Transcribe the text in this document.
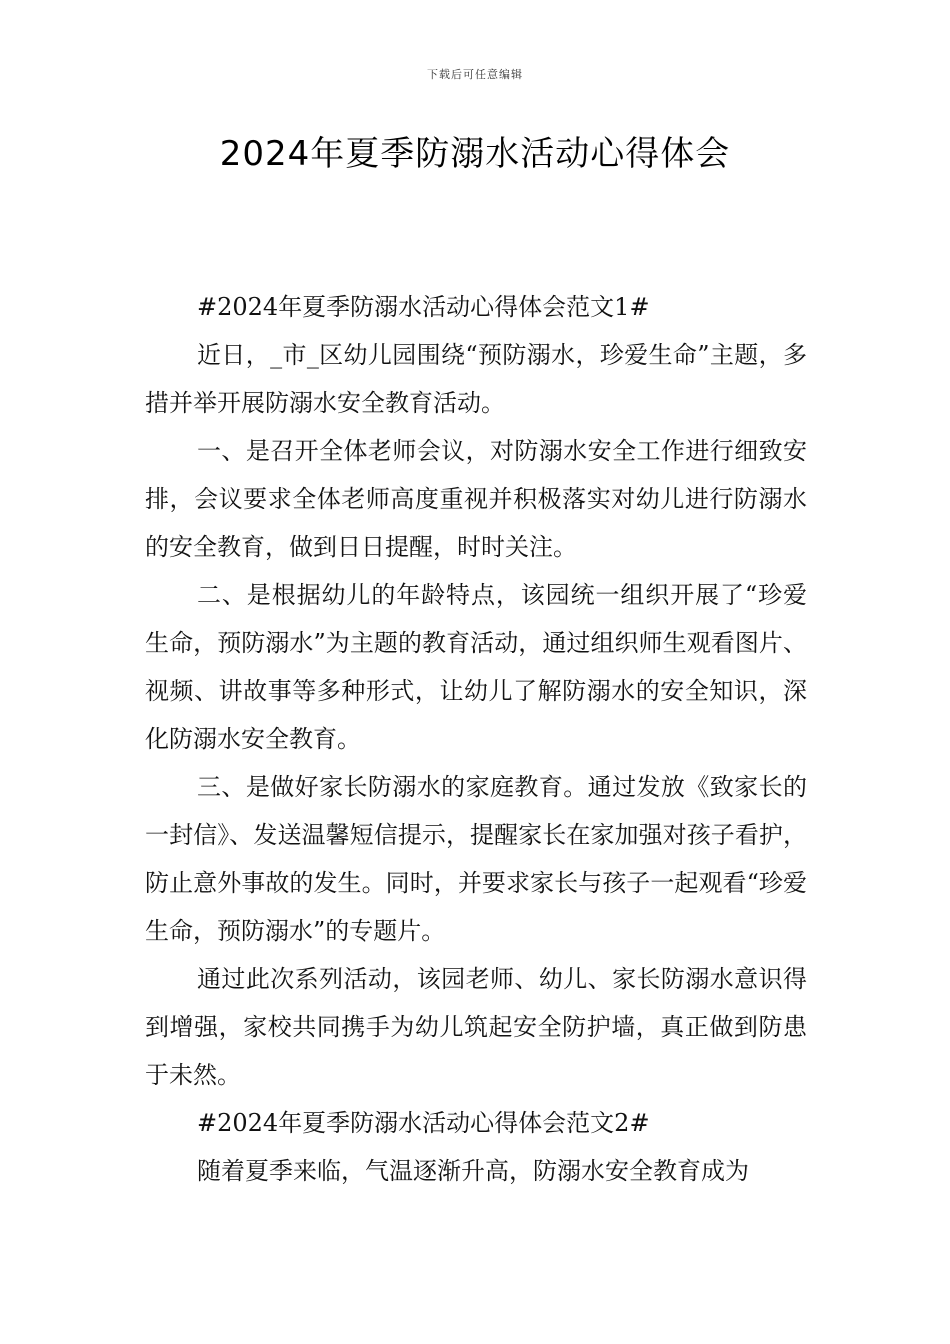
下载后可任意编辑
2024年夏季防溺水活动心得体会

#2024年夏季防溺水活动心得体会范文1#

近日，_市_区幼儿园围绕“预防溺水，珍爱生命”主题，多措并举开展防溺水安全教育活动。

一、是召开全体老师会议，对防溺水安全工作进行细致安排，会议要求全体老师高度重视并积极落实对幼儿进行防溺水的安全教育，做到日日提醒，时时关注。

二、是根据幼儿的年龄特点，该园统一组织开展了“珍爱生命，预防溺水”为主题的教育活动，通过组织师生观看图片、视频、讲故事等多种形式，让幼儿了解防溺水的安全知识，深化防溺水安全教育。

三、是做好家长防溺水的家庭教育。通过发放《致家长的一封信》、发送温馨短信提示，提醒家长在家加强对孩子看护，防止意外事故的发生。同时，并要求家长与孩子一起观看“珍爱生命，预防溺水”的专题片。

通过此次系列活动，该园老师、幼儿、家长防溺水意识得到增强，家校共同携手为幼儿筑起安全防护墙，真正做到防患于未然。

#2024年夏季防溺水活动心得体会范文2#

随着夏季来临，气温逐渐升高，防溺水安全教育成为
